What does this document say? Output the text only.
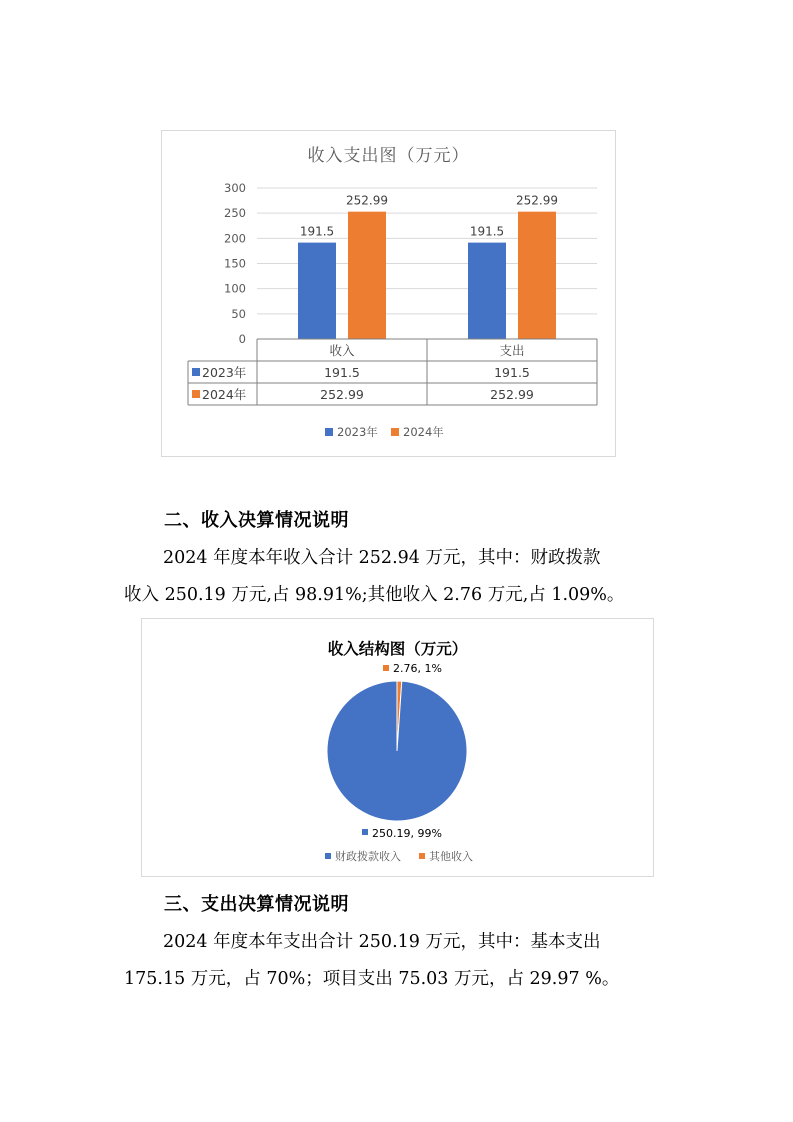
收入支出图（万元）
0
50
100
150
200
250
300
191.5
252.99
191.5
252.99
收入	支出
2023年	191.5	191.5
2024年	252.99	252.99
2023年 2024年
二、收入决算情况说明
2024 年度本年收入合计 252.94 万元，其中：财政拨款
收入 250.19 万元,占 98.91%;其他收入 2.76 万元,占 1.09%。
收入结构图（万元）
2.76, 1%
250.19, 99%
财政拨款收入	其他收入
三、支出决算情况说明
2024 年度本年支出合计 250.19 万元，其中：基本支出
175.15 万元，占 70%；项目支出 75.03 万元，占 29.97 %。
